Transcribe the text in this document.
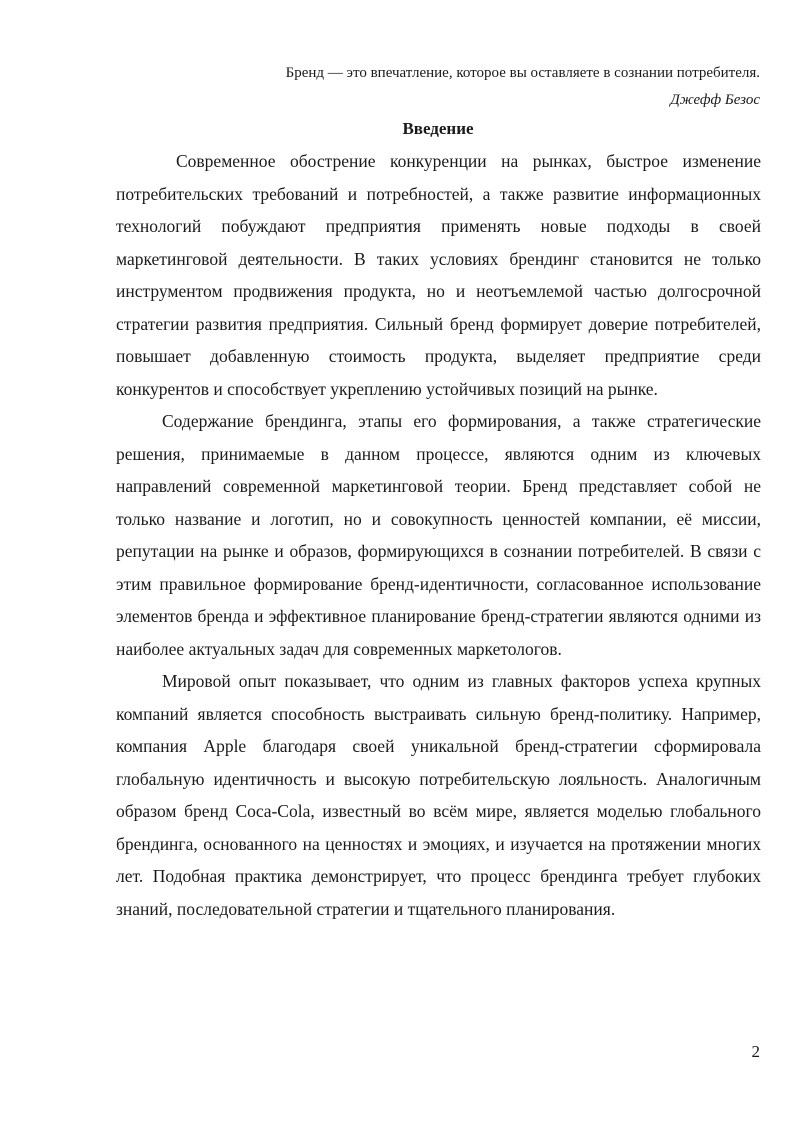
Бренд — это впечатление, которое вы оставляете в сознании потребителя.
Джефф Безос
Введение

Современное обострение конкуренции на рынках, быстрое изменение потребительских требований и потребностей, а также развитие информационных технологий побуждают предприятия применять новые подходы в своей маркетинговой деятельности. В таких условиях брендинг становится не только инструментом продвижения продукта, но и неотъемлемой частью долгосрочной стратегии развития предприятия. Сильный бренд формирует доверие потребителей, повышает добавленную стоимость продукта, выделяет предприятие среди конкурентов и способствует укреплению устойчивых позиций на рынке.

Содержание брендинга, этапы его формирования, а также стратегические решения, принимаемые в данном процессе, являются одним из ключевых направлений современной маркетинговой теории. Бренд представляет собой не только название и логотип, но и совокупность ценностей компании, её миссии, репутации на рынке и образов, формирующихся в сознании потребителей. В связи с этим правильное формирование бренд-идентичности, согласованное использование элементов бренда и эффективное планирование бренд-стратегии являются одними из наиболее актуальных задач для современных маркетологов.

Мировой опыт показывает, что одним из главных факторов успеха крупных компаний является способность выстраивать сильную бренд-политику. Например, компания Apple благодаря своей уникальной бренд-стратегии сформировала глобальную идентичность и высокую потребительскую лояльность. Аналогичным образом бренд Coca-Cola, известный во всём мире, является моделью глобального брендинга, основанного на ценностях и эмоциях, и изучается на протяжении многих лет. Подобная практика демонстрирует, что процесс брендинга требует глубоких знаний, последовательной стратегии и тщательного планирования.

2
